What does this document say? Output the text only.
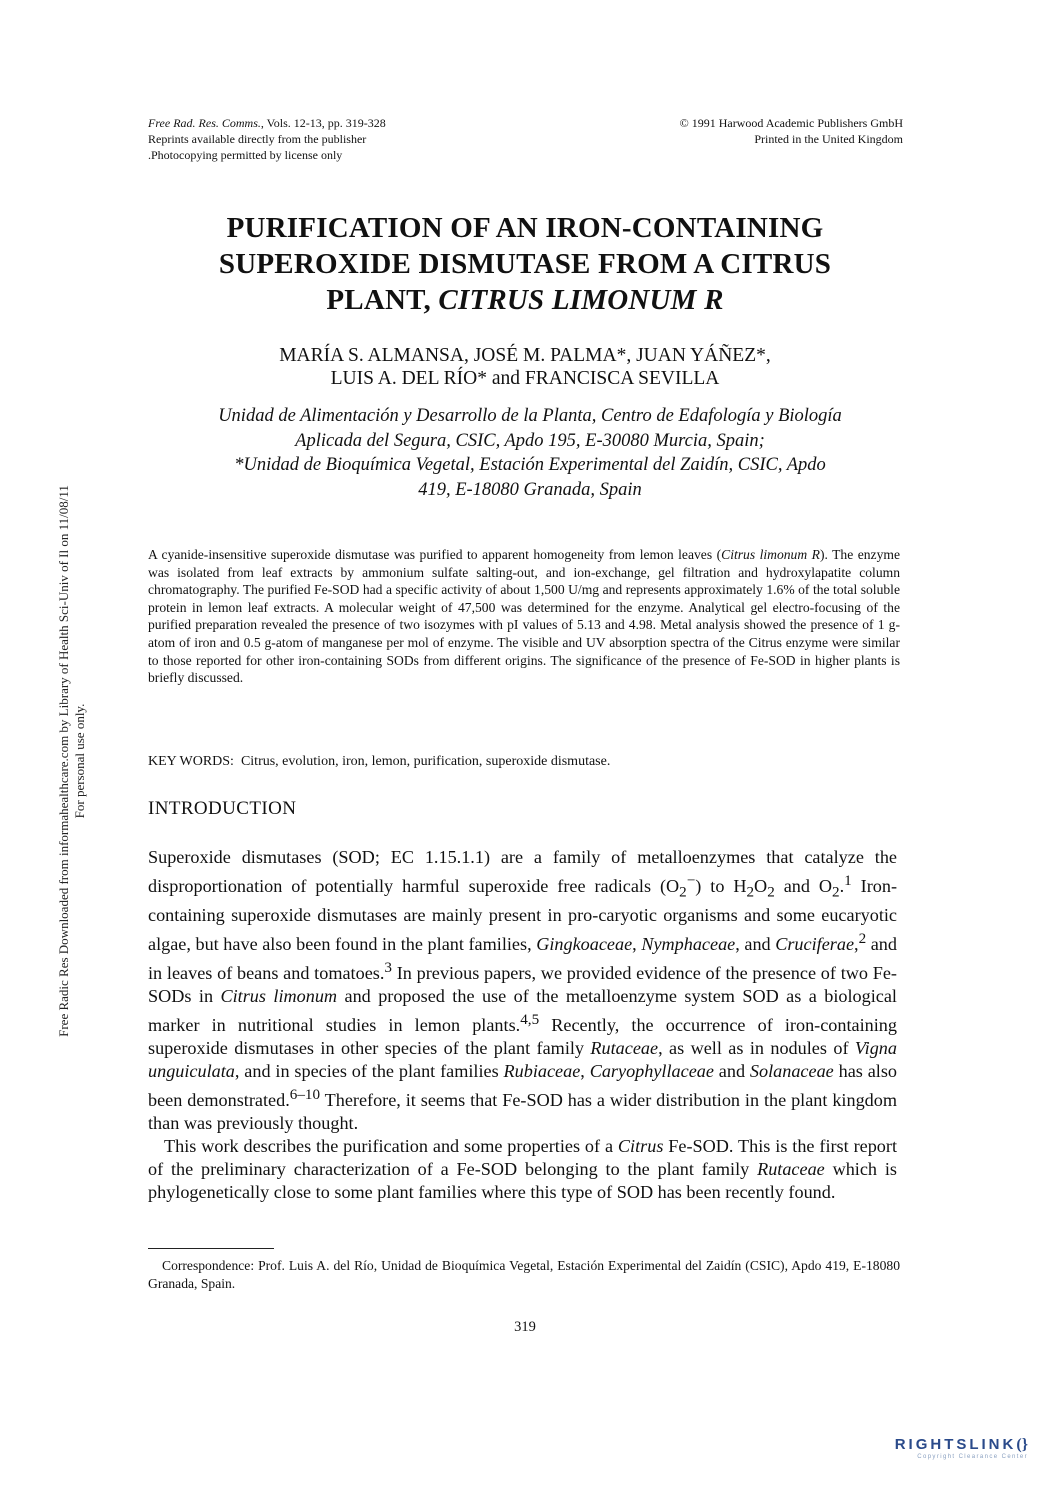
Free Rad. Res. Comms., Vols. 12-13, pp. 319-328
Reprints available directly from the publisher
.Photocopying permitted by license only
© 1991 Harwood Academic Publishers GmbH
Printed in the United Kingdom
PURIFICATION OF AN IRON-CONTAINING
SUPEROXIDE DISMUTASE FROM A CITRUS
PLANT, CITRUS LIMONUM R
MARÍA S. ALMANSA, JOSÉ M. PALMA*, JUAN YÁÑEZ*,
LUIS A. DEL RÍO* and FRANCISCA SEVILLA
Unidad de Alimentación y Desarrollo de la Planta, Centro de Edafología y Biología
Aplicada del Segura, CSIC, Apdo 195, E-30080 Murcia, Spain;
*Unidad de Bioquímica Vegetal, Estación Experimental del Zaidín, CSIC, Apdo
419, E-18080 Granada, Spain
A cyanide-insensitive superoxide dismutase was purified to apparent homogeneity from lemon leaves (Citrus limonum R). The enzyme was isolated from leaf extracts by ammonium sulfate salting-out, and ion-exchange, gel filtration and hydroxylapatite column chromatography. The purified Fe-SOD had a specific activity of about 1,500 U/mg and represents approximately 1.6% of the total soluble protein in lemon leaf extracts. A molecular weight of 47,500 was determined for the enzyme. Analytical gel electro-focusing of the purified preparation revealed the presence of two isozymes with pI values of 5.13 and 4.98. Metal analysis showed the presence of 1 g-atom of iron and 0.5 g-atom of manganese per mol of enzyme. The visible and UV absorption spectra of the Citrus enzyme were similar to those reported for other iron-containing SODs from different origins. The significance of the presence of Fe-SOD in higher plants is briefly discussed.
KEY WORDS: Citrus, evolution, iron, lemon, purification, superoxide dismutase.
INTRODUCTION

Superoxide dismutases (SOD; EC 1.15.1.1) are a family of metalloenzymes that catalyze the disproportionation of potentially harmful superoxide free radicals $(O_2^-)$ to $H_2O_2$ and $O_2.^1$ Iron-containing superoxide dismutases are mainly present in pro-caryotic organisms and some eucaryotic algae, but have also been found in the plant families, Gingkoaceae, Nymphaceae, and Cruciferae,$^2$ and in leaves of beans and tomatoes.$^3$ In previous papers, we provided evidence of the presence of two Fe-SODs in Citrus limonum and proposed the use of the metalloenzyme system SOD as a biological marker in nutritional studies in lemon plants.$^{4,5}$ Recently, the occurrence of iron-containing superoxide dismutases in other species of the plant family Rutaceae, as well as in nodules of Vigna unguiculata, and in species of the plant families Rubiaceae, Caryophyllaceae and Solanaceae has also been demonstrated.$^{6-10}$ Therefore, it seems that Fe-SOD has a wider distribution in the plant kingdom than was previously thought.

This work describes the purification and some properties of a Citrus Fe-SOD. This is the first report of the preliminary characterization of a Fe-SOD belonging to the plant family Rutaceae which is phylogenetically close to some plant families where this type of SOD has been recently found.

Correspondence: Prof. Luis A. del Río, Unidad de Bioquímica Vegetal, Estación Experimental del Zaidín (CSIC), Apdo 419, E-18080 Granada, Spain.
319
Free Radic Res Downloaded from informahealthcare.com by Library of Health Sci-Univ of Il on 11/08/11 For personal use only.
RIGHTSLINK(}
Copyright Clearance Center
